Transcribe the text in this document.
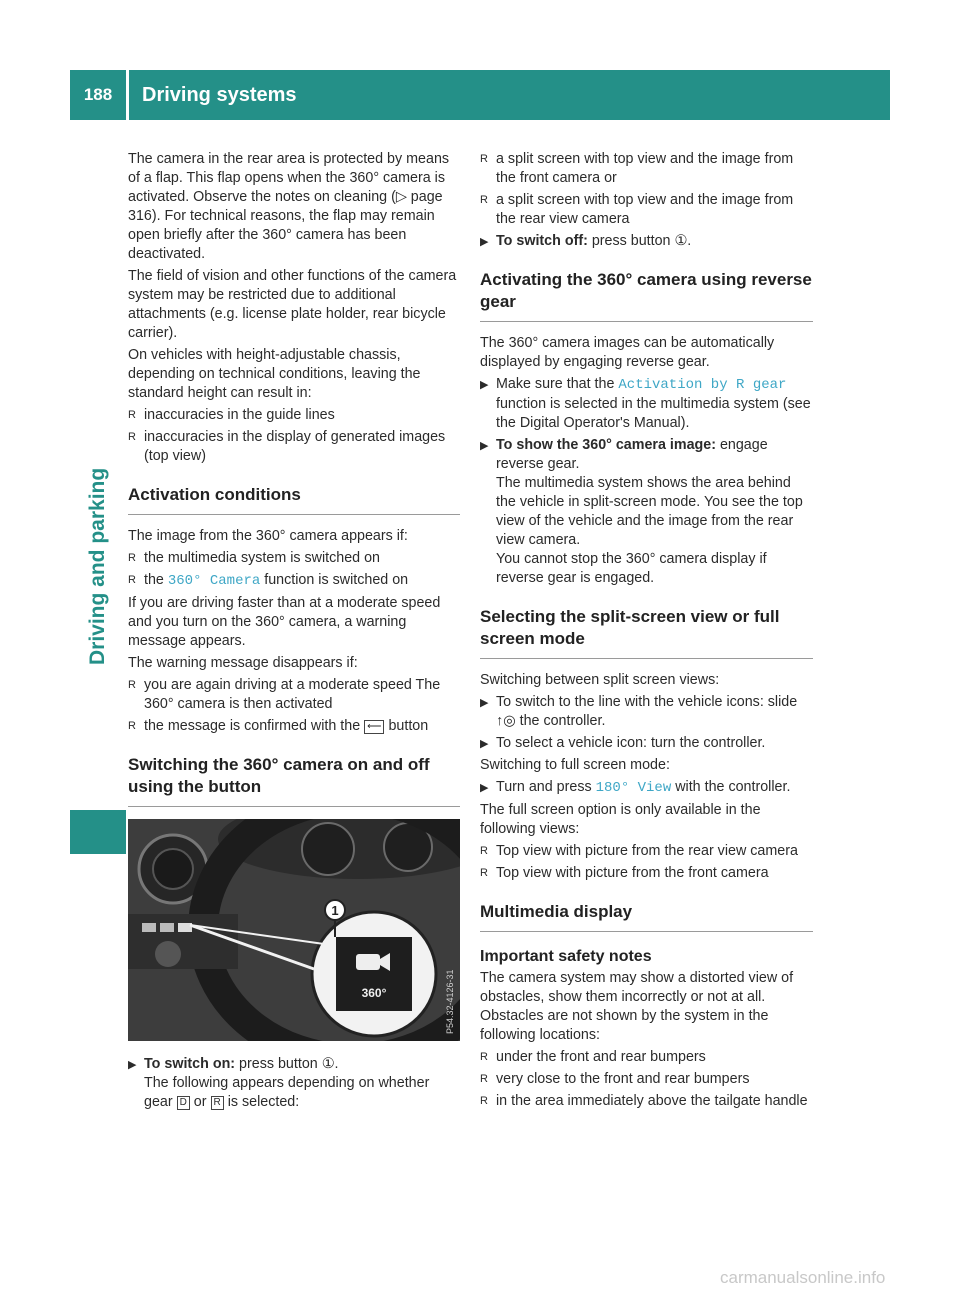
188	Driving systems
Driving and parking

The camera in the rear area is protected by means of a flap. This flap opens when the 360° camera is activated. Observe the notes on cleaning (▷ page 316). For technical reasons, the flap may remain open briefly after the 360° camera has been deactivated.

The field of vision and other functions of the camera system may be restricted due to additional attachments (e.g. license plate holder, rear bicycle carrier).

On vehicles with height-adjustable chassis, depending on technical conditions, leaving the standard height can result in:

R inaccuracies in the guide lines
R inaccuracies in the display of generated images (top view)
Activation conditions

The image from the 360° camera appears if:

R the multimedia system is switched on
R the 360° Camera function is switched on

If you are driving faster than at a moderate speed and you turn on the 360° camera, a warning message appears.

The warning message disappears if:

R you are again driving at a moderate speed The 360° camera is then activated
R the message is confirmed with the ⟵ button
Switching the 360° camera on and off using the button
1
360°	P54.32-4126-31
▶ To switch on: press button ①.
The following appears depending on whether gear D or R is selected:
R a split screen with top view and the image from the front camera or
R a split screen with top view and the image from the rear view camera
▶ To switch off: press button ①.
Activating the 360° camera using reverse gear

The 360° camera images can be automatically displayed by engaging reverse gear.

▶ Make sure that the Activation by R gear function is selected in the multimedia system (see the Digital Operator's Manual).
▶ To show the 360° camera image: engage reverse gear.
The multimedia system shows the area behind the vehicle in split-screen mode. You see the top view of the vehicle and the image from the rear view camera.
You cannot stop the 360° camera display if reverse gear is engaged.
Selecting the split-screen view or full screen mode

Switching between split screen views:

▶ To switch to the line with the vehicle icons: slide ↑◎ the controller.
▶ To select a vehicle icon: turn the controller.

Switching to full screen mode:

▶ Turn and press 180° View with the controller.

The full screen option is only available in the following views:

R Top view with picture from the rear view camera
R Top view with picture from the front camera
Multimedia display
Important safety notes

The camera system may show a distorted view of obstacles, show them incorrectly or not at all. Obstacles are not shown by the system in the following locations:

R under the front and rear bumpers
R very close to the front and rear bumpers
R in the area immediately above the tailgate handle
carmanualsonline.info
